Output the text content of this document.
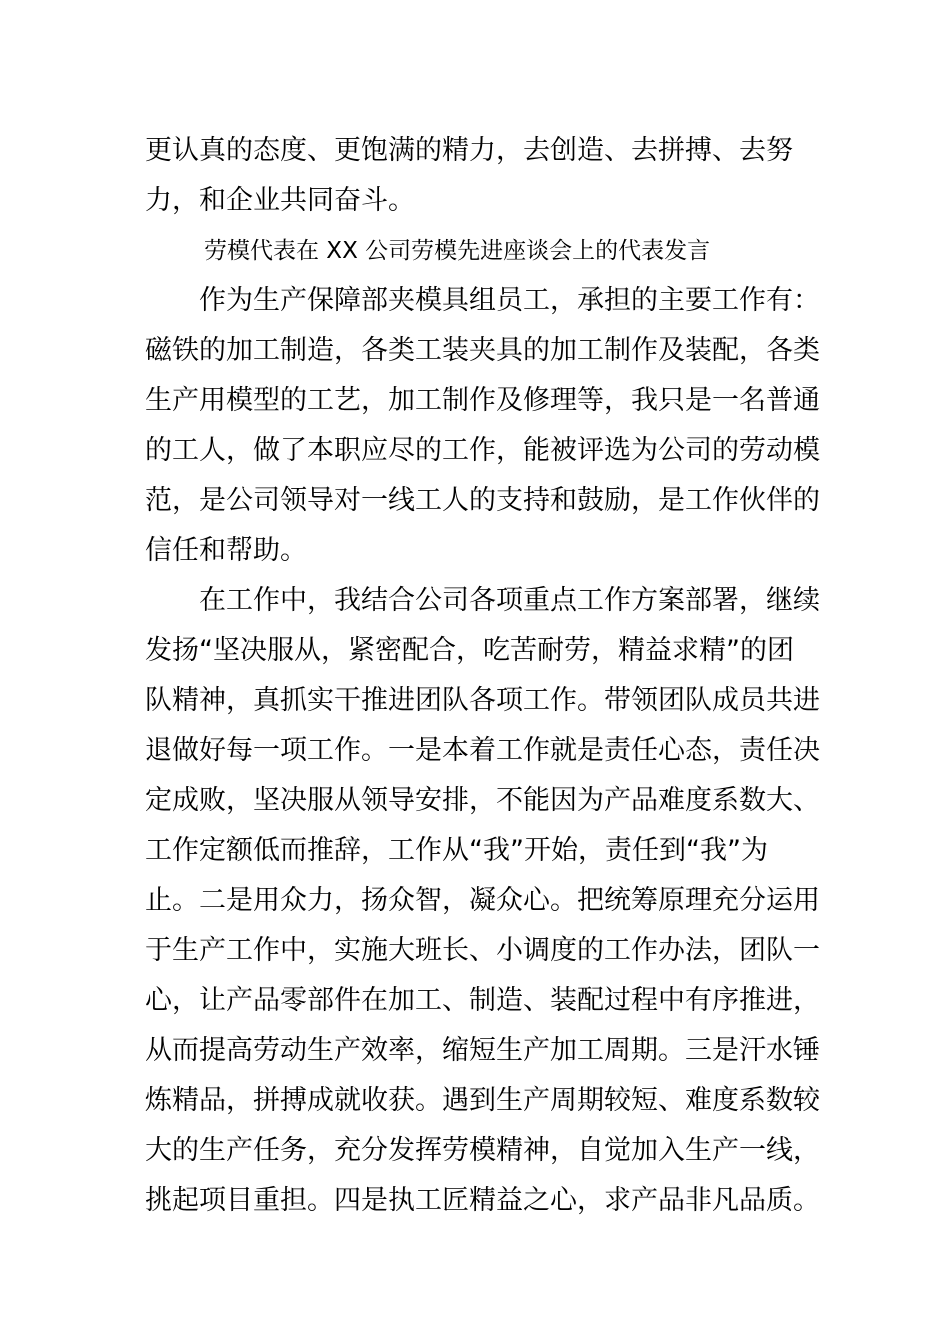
更认真的态度、更饱满的精力，去创造、去拼搏、去努
力，和企业共同奋斗。
劳模代表在 XX 公司劳模先进座谈会上的代表发言
作为生产保障部夹模具组员工，承担的主要工作有：
磁铁的加工制造，各类工装夹具的加工制作及装配，各类
生产用模型的工艺，加工制作及修理等，我只是一名普通
的工人，做了本职应尽的工作，能被评选为公司的劳动模
范，是公司领导对一线工人的支持和鼓励，是工作伙伴的
信任和帮助。
在工作中，我结合公司各项重点工作方案部署，继续
发扬“坚决服从，紧密配合，吃苦耐劳，精益求精”的团
队精神，真抓实干推进团队各项工作。带领团队成员共进
退做好每一项工作。一是本着工作就是责任心态，责任决
定成败，坚决服从领导安排，不能因为产品难度系数大、
工作定额低而推辞，工作从“我”开始，责任到“我”为
止。二是用众力，扬众智，凝众心。把统筹原理充分运用
于生产工作中，实施大班长、小调度的工作办法，团队一
心，让产品零部件在加工、制造、装配过程中有序推进，
从而提高劳动生产效率，缩短生产加工周期。三是汗水锤
炼精品，拼搏成就收获。遇到生产周期较短、难度系数较
大的生产任务，充分发挥劳模精神，自觉加入生产一线，
挑起项目重担。四是执工匠精益之心，求产品非凡品质。
